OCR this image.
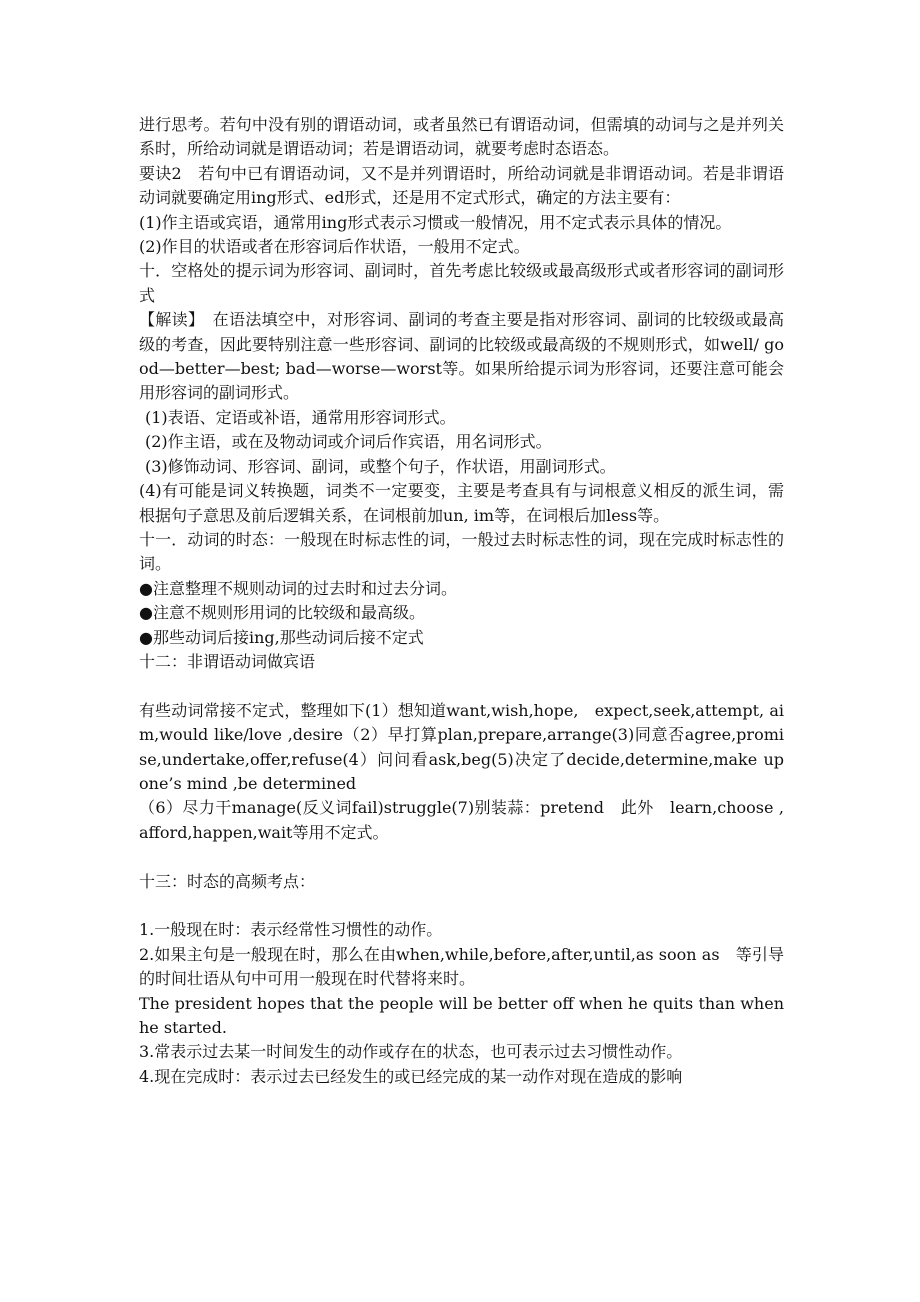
进行思考。若句中没有别的谓语动词，或者虽然已有谓语动词，但需填的动词与之是并列关系时，所给动词就是谓语动词；若是谓语动词，就要考虑时态语态。

要诀2　若句中已有谓语动词，又不是并列谓语时，所给动词就是非谓语动词。若是非谓语动词就要确定用ing形式、ed形式，还是用不定式形式，确定的方法主要有：

(1)作主语或宾语，通常用ing形式表示习惯或一般情况，用不定式表示具体的情况。

(2)作目的状语或者在形容词后作状语，一般用不定式。

十．空格处的提示词为形容词、副词时，首先考虑比较级或最高级形式或者形容词的副词形式

【解读】　在语法填空中，对形容词、副词的考查主要是指对形容词、副词的比较级或最高级的考查，因此要特别注意一些形容词、副词的比较级或最高级的不规则形式，如well/ good—better—best; bad—worse—worst等。如果所给提示词为形容词，还要注意可能会用形容词的副词形式。

(1)表语、定语或补语，通常用形容词形式。

(2)作主语，或在及物动词或介词后作宾语，用名词形式。

(3)修饰动词、形容词、副词，或整个句子，作状语，用副词形式。

(4)有可能是词义转换题，词类不一定要变，主要是考查具有与词根意义相反的派生词，需根据句子意思及前后逻辑关系，在词根前加un, im等，在词根后加less等。

十一．动词的时态：一般现在时标志性的词，一般过去时标志性的词，现在完成时标志性的词。

●注意整理不规则动词的过去时和过去分词。

●注意不规则形用词的比较级和最高级。

●那些动词后接ing,那些动词后接不定式

十二：非谓语动词做宾语

有些动词常接不定式，整理如下(1）想知道want,wish,hope,　expect,seek,attempt, aim,would like/love ,desire（2）早打算plan,prepare,arrange(3)同意否agree,promise,undertake,offer,refuse(4）问问看ask,beg(5)决定了decide,determine,make up one’s mind ,be determined

（6）尽力干manage(反义词fail)struggle(7)别装蒜：pretend　此外　learn,choose ,afford,happen,wait等用不定式。

十三：时态的高频考点：

1.一般现在时：表示经常性习惯性的动作。

2.如果主句是一般现在时，那么在由when,while,before,after,until,as soon as　等引导的时间壮语从句中可用一般现在时代替将来时。

The president hopes that the people will be better off when he quits than when he started.

3.常表示过去某一时间发生的动作或存在的状态，也可表示过去习惯性动作。

4.现在完成时：表示过去已经发生的或已经完成的某一动作对现在造成的影响
